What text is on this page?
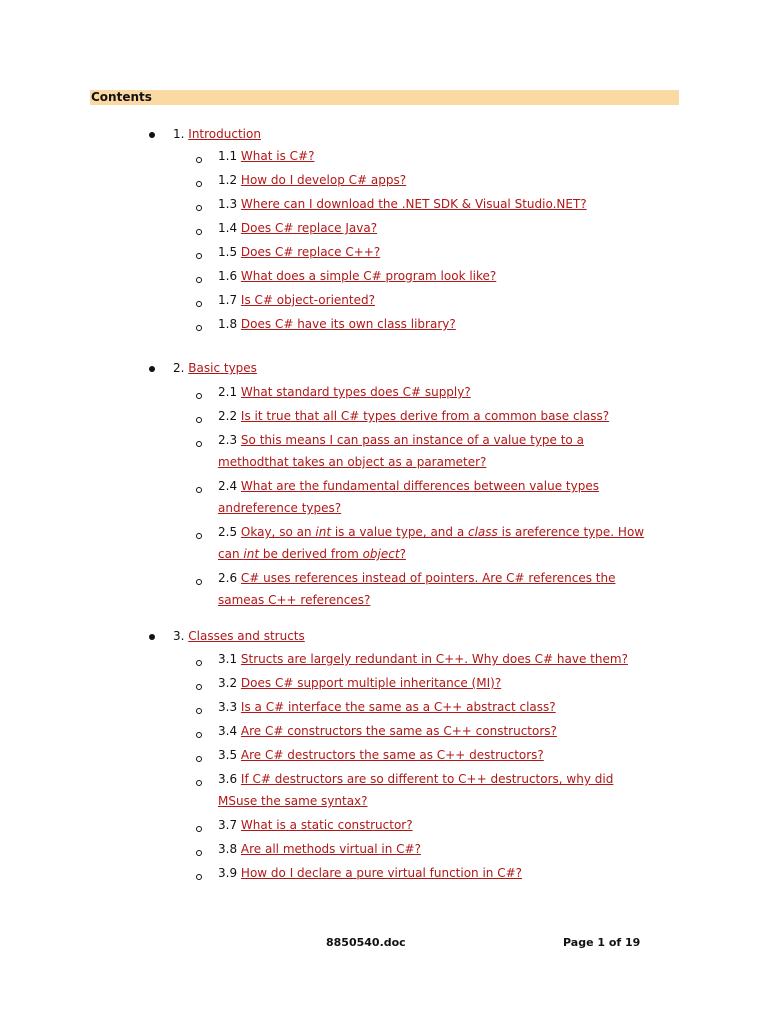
Contents
1. Introduction
1.1 What is C#?
1.2 How do I develop C# apps?
1.3 Where can I download the .NET SDK & Visual Studio.NET?
1.4 Does C# replace Java?
1.5 Does C# replace C++?
1.6 What does a simple C# program look like?
1.7 Is C# object-oriented?
1.8 Does C# have its own class library?
2. Basic types
2.1 What standard types does C# supply?
2.2 Is it true that all C# types derive from a common base class?
2.3 So this means I can pass an instance of a value type to a
methodthat takes an object as a parameter?
2.4 What are the fundamental differences between value types
andreference types?
2.5 Okay, so an int is a value type, and a class is areference type. How
can int be derived from object?
2.6 C# uses references instead of pointers. Are C# references the
sameas C++ references?
3. Classes and structs
3.1 Structs are largely redundant in C++. Why does C# have them?
3.2 Does C# support multiple inheritance (MI)?
3.3 Is a C# interface the same as a C++ abstract class?
3.4 Are C# constructors the same as C++ constructors?
3.5 Are C# destructors the same as C++ destructors?
3.6 If C# destructors are so different to C++ destructors, why did
MSuse the same syntax?
3.7 What is a static constructor?
3.8 Are all methods virtual in C#?
3.9 How do I declare a pure virtual function in C#?
8850540.doc	Page 1 of 19
